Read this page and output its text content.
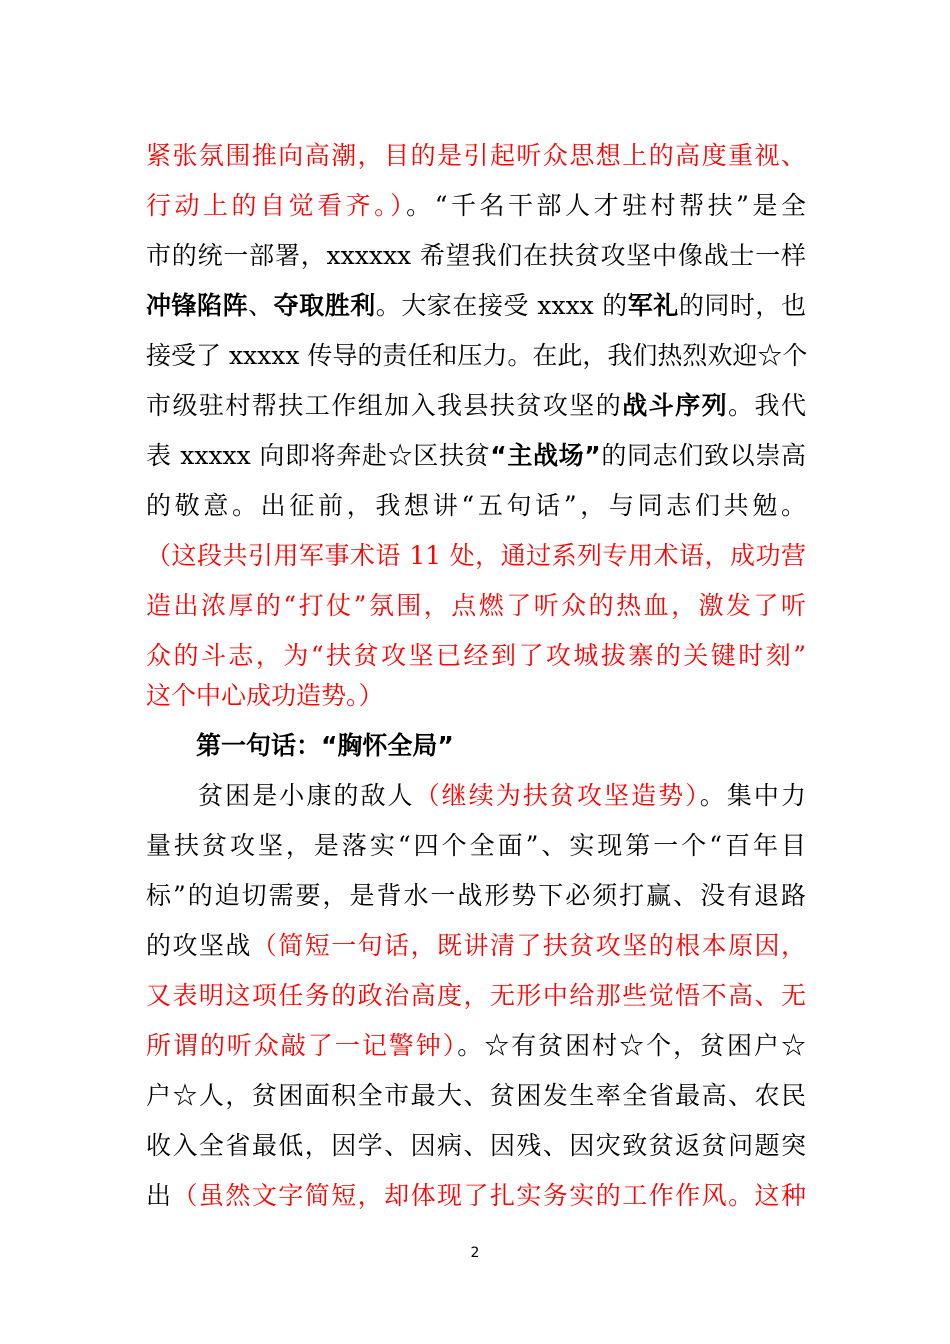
紧张氛围推向高潮，目的是引起听众思想上的高度重视、
行动上的自觉看齐。）。“千名干部人才驻村帮扶”是全
市的统一部署，xxxxxx 希望我们在扶贫攻坚中像战士一样
冲锋陷阵、夺取胜利。大家在接受 xxxx 的军礼的同时，也
接受了 xxxxx 传导的责任和压力。在此，我们热烈欢迎☆个
市级驻村帮扶工作组加入我县扶贫攻坚的战斗序列。我代
表 xxxxx 向即将奔赴☆区扶贫“主战场”的同志们致以崇高
的敬意。出征前，我想讲“五句话”，与同志们共勉。
（这段共引用军事术语 11 处，通过系列专用术语，成功营
造出浓厚的“打仗”氛围，点燃了听众的热血，激发了听
众的斗志，为“扶贫攻坚已经到了攻城拔寨的关键时刻”
这个中心成功造势。）
第一句话：“胸怀全局”
贫困是小康的敌人（继续为扶贫攻坚造势）。集中力
量扶贫攻坚，是落实“四个全面”、实现第一个“百年目
标”的迫切需要，是背水一战形势下必须打赢、没有退路
的攻坚战（简短一句话，既讲清了扶贫攻坚的根本原因，
又表明这项任务的政治高度，无形中给那些觉悟不高、无
所谓的听众敲了一记警钟）。☆有贫困村☆个，贫困户☆
户☆人，贫困面积全市最大、贫困发生率全省最高、农民
收入全省最低，因学、因病、因残、因灾致贫返贫问题突
出（虽然文字简短，却体现了扎实务实的工作作风。这种
2
